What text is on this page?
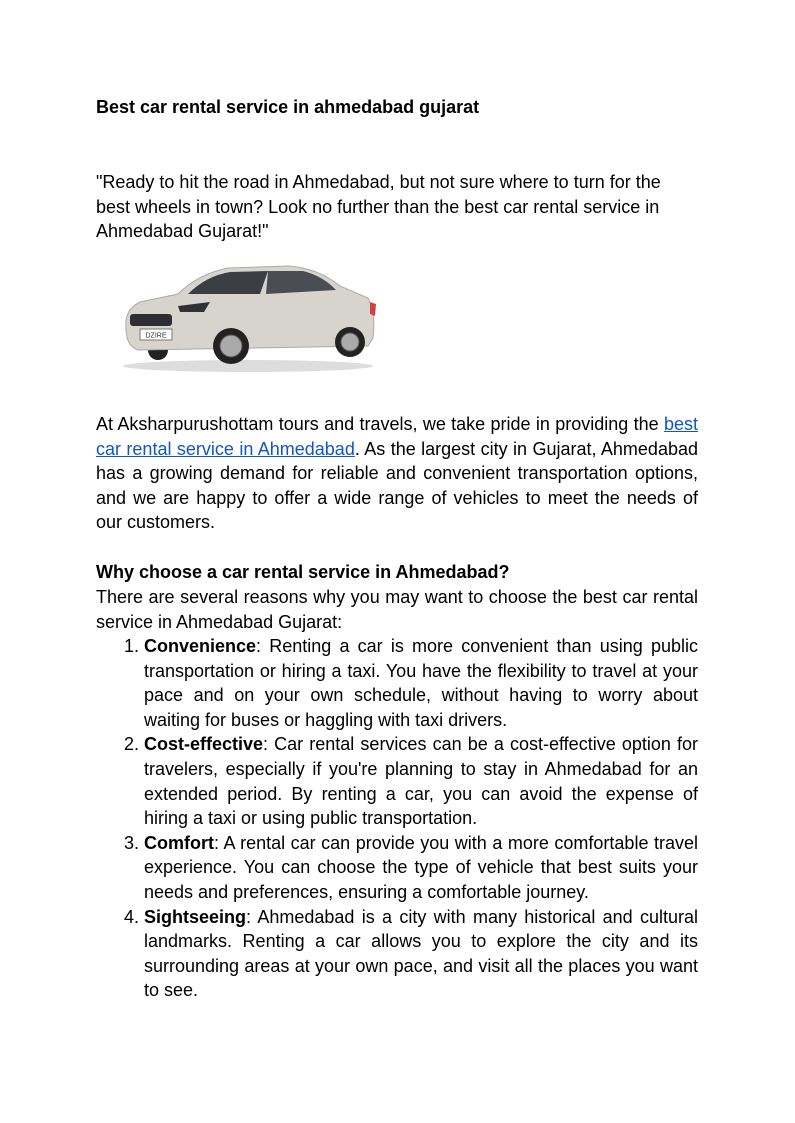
Best car rental service in ahmedabad gujarat
"Ready to hit the road in Ahmedabad, but not sure where to turn for the best wheels in town? Look no further than the best car rental service in Ahmedabad Gujarat!"
DZIRE
At Aksharpurushottam tours and travels, we take pride in providing the best car rental service in Ahmedabad. As the largest city in Gujarat, Ahmedabad has a growing demand for reliable and convenient transportation options, and we are happy to offer a wide range of vehicles to meet the needs of our customers.
Why choose a car rental service in Ahmedabad?
There are several reasons why you may want to choose the best car rental service in Ahmedabad Gujarat:
1. Convenience: Renting a car is more convenient than using public transportation or hiring a taxi. You have the flexibility to travel at your pace and on your own schedule, without having to worry about waiting for buses or haggling with taxi drivers.
2. Cost-effective: Car rental services can be a cost-effective option for travelers, especially if you're planning to stay in Ahmedabad for an extended period. By renting a car, you can avoid the expense of hiring a taxi or using public transportation.
3. Comfort: A rental car can provide you with a more comfortable travel experience. You can choose the type of vehicle that best suits your needs and preferences, ensuring a comfortable journey.
4. Sightseeing: Ahmedabad is a city with many historical and cultural landmarks. Renting a car allows you to explore the city and its surrounding areas at your own pace, and visit all the places you want to see.
